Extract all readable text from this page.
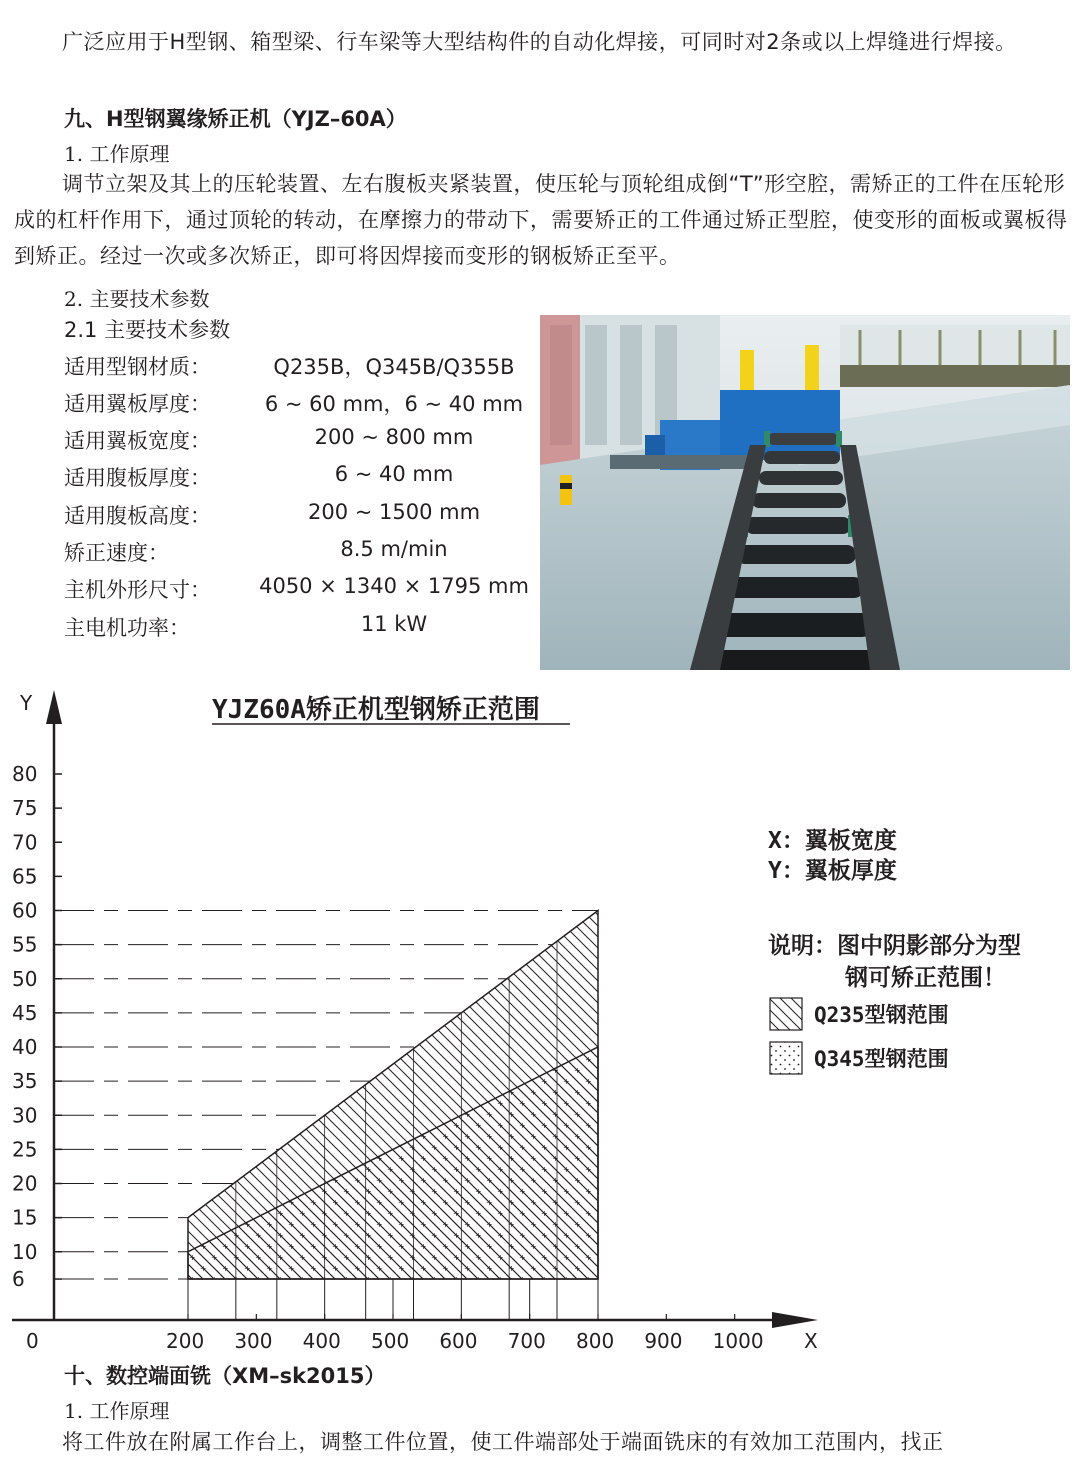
广泛应用于H型钢、箱型梁、行车梁等大型结构件的自动化焊接，可同时对2条或以上焊缝进行焊接。
九、H型钢翼缘矫正机（YJZ–60A）
1. 工作原理
调节立架及其上的压轮装置、左右腹板夹紧装置，使压轮与顶轮组成倒“T”形空腔，需矫正的工件在压轮形成的杠杆作用下，通过顶轮的转动，在摩擦力的带动下，需要矫正的工件通过矫正型腔，使变形的面板或翼板得到矫正。经过一次或多次矫正，即可将因焊接而变形的钢板矫正至平。
2. 主要技术参数
2.1 主要技术参数
适用型钢材质：	Q235B，Q345B/Q355B
适用翼板厚度：	6 ~ 60 mm，6 ~ 40 mm
适用翼板宽度：	200 ~ 800 mm
适用腹板厚度：	6 ~ 40 mm
适用腹板高度：	200 ~ 1500 mm
矫正速度：	8.5 m/min
主机外形尺寸：	4050 × 1340 × 1795 mm
主电机功率：	11 kW
YJZ60A矫正机型钢矫正范围
Y
X
0
6
10
15
20
25
30
35
40
45
50
55
60
65
70
75
80
200 300 400 500 600 700 800 900 1000
X：翼板宽度
Y：翼板厚度
说明：图中阴影部分为型
钢可矫正范围！
Q235型钢范围
Q345型钢范围
十、数控端面铣（XM–sk2015）
1. 工作原理
将工件放在附属工作台上，调整工件位置，使工件端部处于端面铣床的有效加工范围内，找正
